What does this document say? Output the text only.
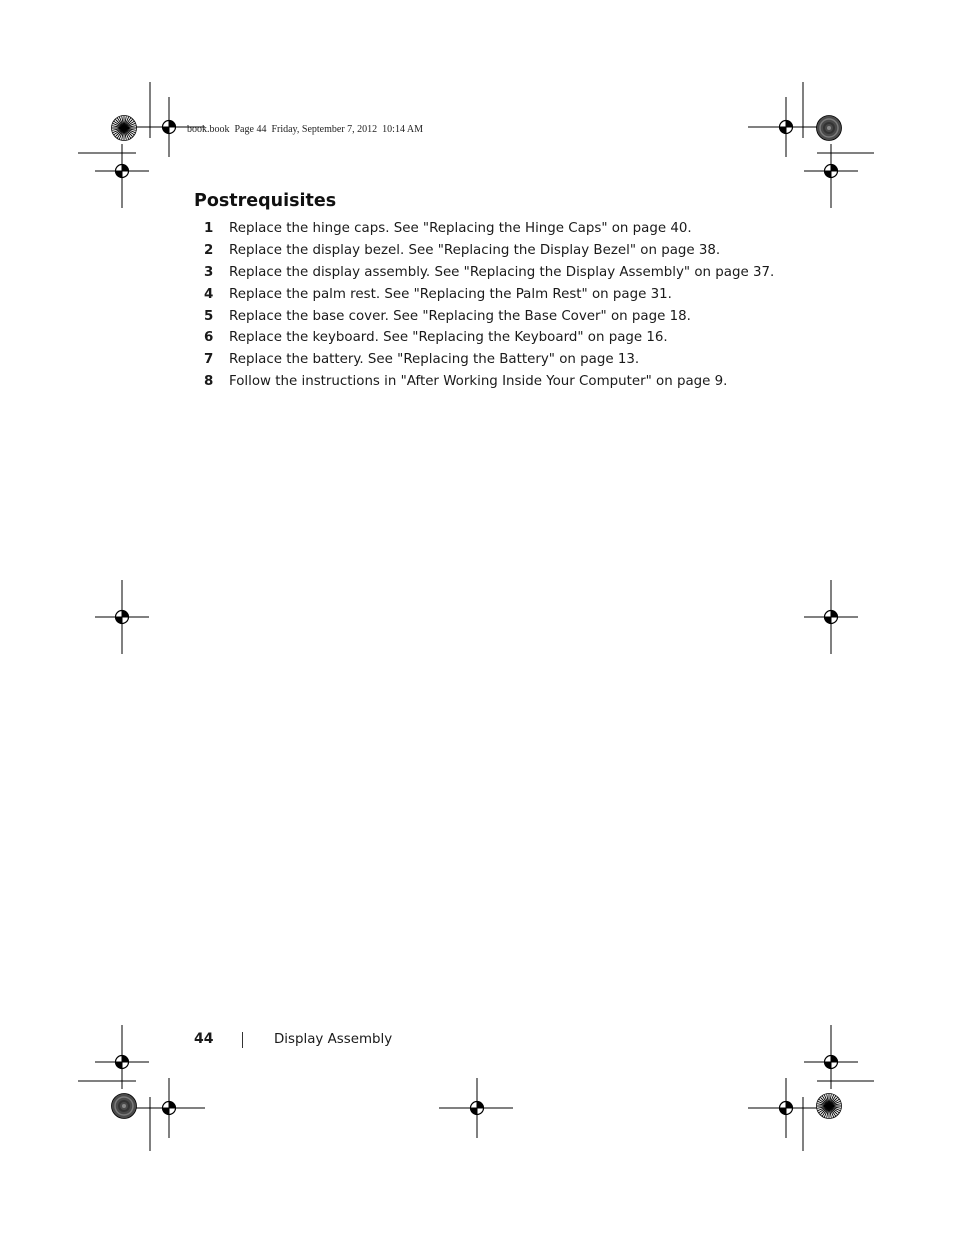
book.book  Page 44  Friday, September 7, 2012  10:14 AM
Postrequisites
1 Replace the hinge caps. See "Replacing the Hinge Caps" on page 40.
2 Replace the display bezel. See "Replacing the Display Bezel" on page 38.
3 Replace the display assembly. See "Replacing the Display Assembly" on page 37.
4 Replace the palm rest. See "Replacing the Palm Rest" on page 31.
5 Replace the base cover. See "Replacing the Base Cover" on page 18.
6 Replace the keyboard. See "Replacing the Keyboard" on page 16.
7 Replace the battery. See "Replacing the Battery" on page 13.
8 Follow the instructions in "After Working Inside Your Computer" on page 9.
44	Display Assembly
